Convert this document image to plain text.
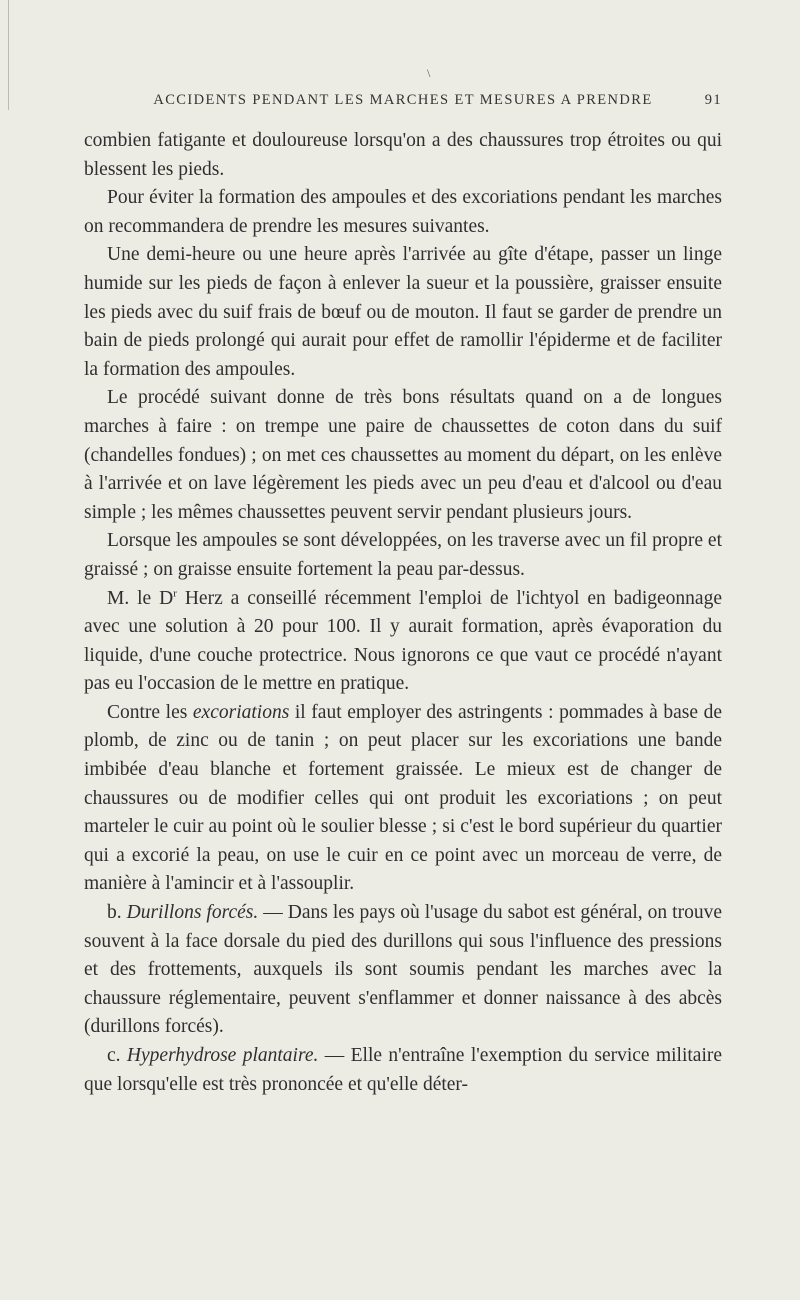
\
ACCIDENTS PENDANT LES MARCHES ET MESURES A PRENDRE	91

combien fatigante et douloureuse lorsqu'on a des chaussures trop étroites ou qui blessent les pieds.

Pour éviter la formation des ampoules et des excoriations pendant les marches on recommandera de prendre les mesures suivantes.

Une demi-heure ou une heure après l'arrivée au gîte d'étape, passer un linge humide sur les pieds de façon à enlever la sueur et la poussière, graisser ensuite les pieds avec du suif frais de bœuf ou de mouton. Il faut se garder de prendre un bain de pieds prolongé qui aurait pour effet de ramollir l'épiderme et de faciliter la formation des ampoules.

Le procédé suivant donne de très bons résultats quand on a de longues marches à faire : on trempe une paire de chaussettes de coton dans du suif (chandelles fondues) ; on met ces chaussettes au moment du départ, on les enlève à l'arrivée et on lave légèrement les pieds avec un peu d'eau et d'alcool ou d'eau simple ; les mêmes chaussettes peuvent servir pendant plusieurs jours.

Lorsque les ampoules se sont développées, on les traverse avec un fil propre et graissé ; on graisse ensuite fortement la peau par-dessus.

M. le $D^r$ Herz a conseillé récemment l'emploi de l'ichtyol en badigeonnage avec une solution à 20 pour 100. Il y aurait formation, après évaporation du liquide, d'une couche protectrice. Nous ignorons ce que vaut ce procédé n'ayant pas eu l'occasion de le mettre en pratique.

Contre les excoriations il faut employer des astringents : pommades à base de plomb, de zinc ou de tanin ; on peut placer sur les excoriations une bande imbibée d'eau blanche et fortement graissée. Le mieux est de changer de chaussures ou de modifier celles qui ont produit les excoriations ; on peut marteler le cuir au point où le soulier blesse ; si c'est le bord supérieur du quartier qui a excorié la peau, on use le cuir en ce point avec un morceau de verre, de manière à l'amincir et à l'assouplir.

b. Durillons forcés. — Dans les pays où l'usage du sabot est général, on trouve souvent à la face dorsale du pied des durillons qui sous l'influence des pressions et des frottements, auxquels ils sont soumis pendant les marches avec la chaussure réglementaire, peuvent s'enflammer et donner naissance à des abcès (durillons forcés).

c. Hyperhydrose plantaire. — Elle n'entraîne l'exemption du service militaire que lorsqu'elle est très prononcée et qu'elle déter-
